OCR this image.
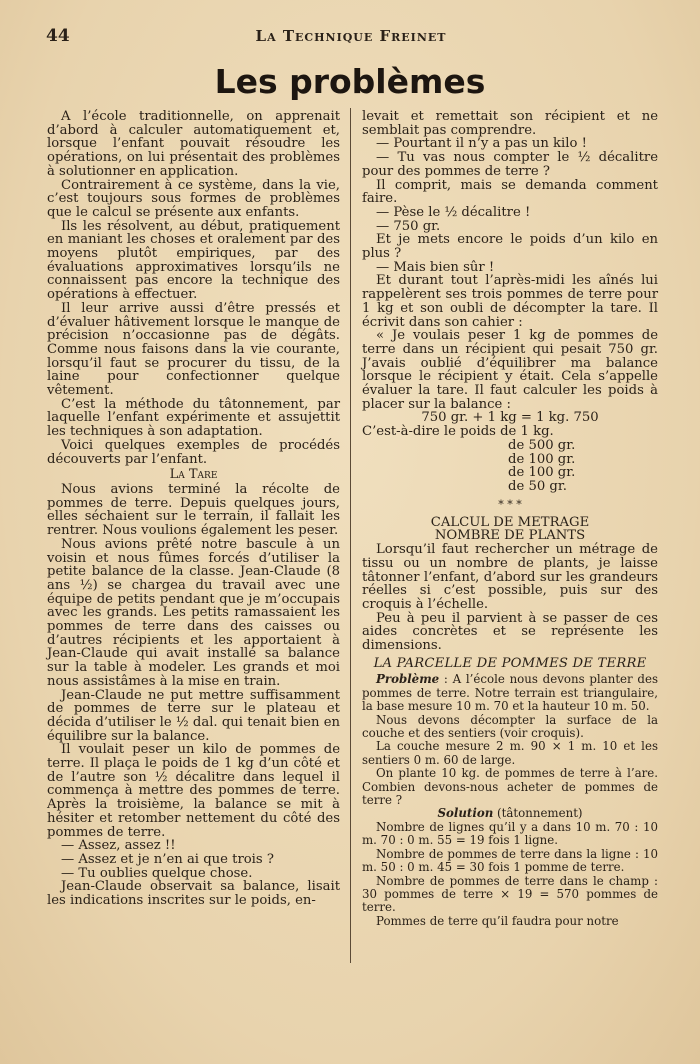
44	La Technique Freinet
Les problèmes

A l’école traditionnelle, on apprenait d’abord à calculer automatiquement et, lorsque l’enfant pouvait résoudre les opérations, on lui présentait des problèmes à solutionner en application.

Contrairement à ce système, dans la vie, c’est toujours sous formes de problèmes que le calcul se présente aux enfants.

Ils les résolvent, au début, pratiquement en maniant les choses et oralement par des moyens plutôt empiriques, par des évaluations approximatives lorsqu’ils ne connaissent pas encore la technique des opérations à effectuer.

Il leur arrive aussi d’être pressés et d’évaluer hâtivement lorsque le manque de précision n’occasionne pas de dégâts. Comme nous faisons dans la vie courante, lorsqu’il faut se procurer du tissu, de la laine pour confectionner quelque vêtement.

C’est la méthode du tâtonnement, par laquelle l’enfant expérimente et assujettit les techniques à son adaptation.

Voici quelques exemples de procédés découverts par l’enfant.

La Tare

Nous avions terminé la récolte de pommes de terre. Depuis quelques jours, elles séchaient sur le terrain, il fallait les rentrer. Nous voulions également les peser.

Nous avions prêté notre bascule à un voisin et nous fûmes forcés d’utiliser la petite balance de la classe. Jean-Claude (8 ans ½) se chargea du travail avec une équipe de petits pendant que je m’occupais avec les grands. Les petits ramassaient les pommes de terre dans des caisses ou d’autres récipients et les apportaient à Jean-Claude qui avait installé sa balance sur la table à modeler. Les grands et moi nous assistâmes à la mise en train.

Jean-Claude ne put mettre suffisamment de pommes de terre sur le plateau et décida d’utiliser le ½ dal. qui tenait bien en équilibre sur la balance.

Il voulait peser un kilo de pommes de terre. Il plaça le poids de 1 kg d’un côté et de l’autre son ½ décalitre dans lequel il commença à mettre des pommes de terre. Après la troisième, la balance se mit à hésiter et retomber nettement du côté des pommes de terre.

— Assez, assez !!

— Assez et je n’en ai que trois ?

— Tu oublies quelque chose.

Jean-Claude observait sa balance, lisait les indications inscrites sur le poids, en-

levait et remettait son récipient et ne semblait pas comprendre.

— Pourtant il n’y a pas un kilo !

— Tu vas nous compter le ½ décalitre pour des pommes de terre ?

Il comprit, mais se demanda comment faire.

— Pèse le ½ décalitre !

— 750 gr.

Et je mets encore le poids d’un kilo en plus ?

— Mais bien sûr !

Et durant tout l’après-midi les aînés lui rappelèrent ses trois pommes de terre pour 1 kg et son oubli de décompter la tare. Il écrivit dans son cahier :

« Je voulais peser 1 kg de pommes de terre dans un récipient qui pesait 750 gr. J’avais oublié d’équilibrer ma balance lorsque le récipient y était. Cela s’appelle évaluer la tare. Il faut calculer les poids à placer sur la balance :

750 gr. + 1 kg = 1 kg. 750

C’est-à-dire le poids de 1 kg.

de 500 gr.

de 100 gr.

de 100 gr.

de 50 gr.

* * *

CALCUL DE METRAGE

NOMBRE DE PLANTS

Lorsqu’il faut rechercher un métrage de tissu ou un nombre de plants, je laisse tâtonner l’enfant, d’abord sur les grandeurs réelles si c’est possible, puis sur des croquis à l’échelle.

Peu à peu il parvient à se passer de ces aides concrètes et se représente les dimensions.

LA PARCELLE DE POMMES DE TERRE

Problème : A l’école nous devons planter des pommes de terre. Notre terrain est triangulaire, la base mesure 10 m. 70 et la hauteur 10 m. 50.

Nous devons décompter la surface de la couche et des sentiers (voir croquis).

La couche mesure 2 m. 90 × 1 m. 10 et les sentiers 0 m. 60 de large.

On plante 10 kg. de pommes de terre à l’are. Combien devons-nous acheter de pommes de terre ?

Solution (tâtonnement)

Nombre de lignes qu’il y a dans 10 m. 70 : 10 m. 70 : 0 m. 55 = 19 fois 1 ligne.

Nombre de pommes de terre dans la ligne : 10 m. 50 : 0 m. 45 = 30 fois 1 pomme de terre.

Nombre de pommes de terre dans le champ : 30 pommes de terre × 19 = 570 pommes de terre.

Pommes de terre qu’il faudra pour notre
